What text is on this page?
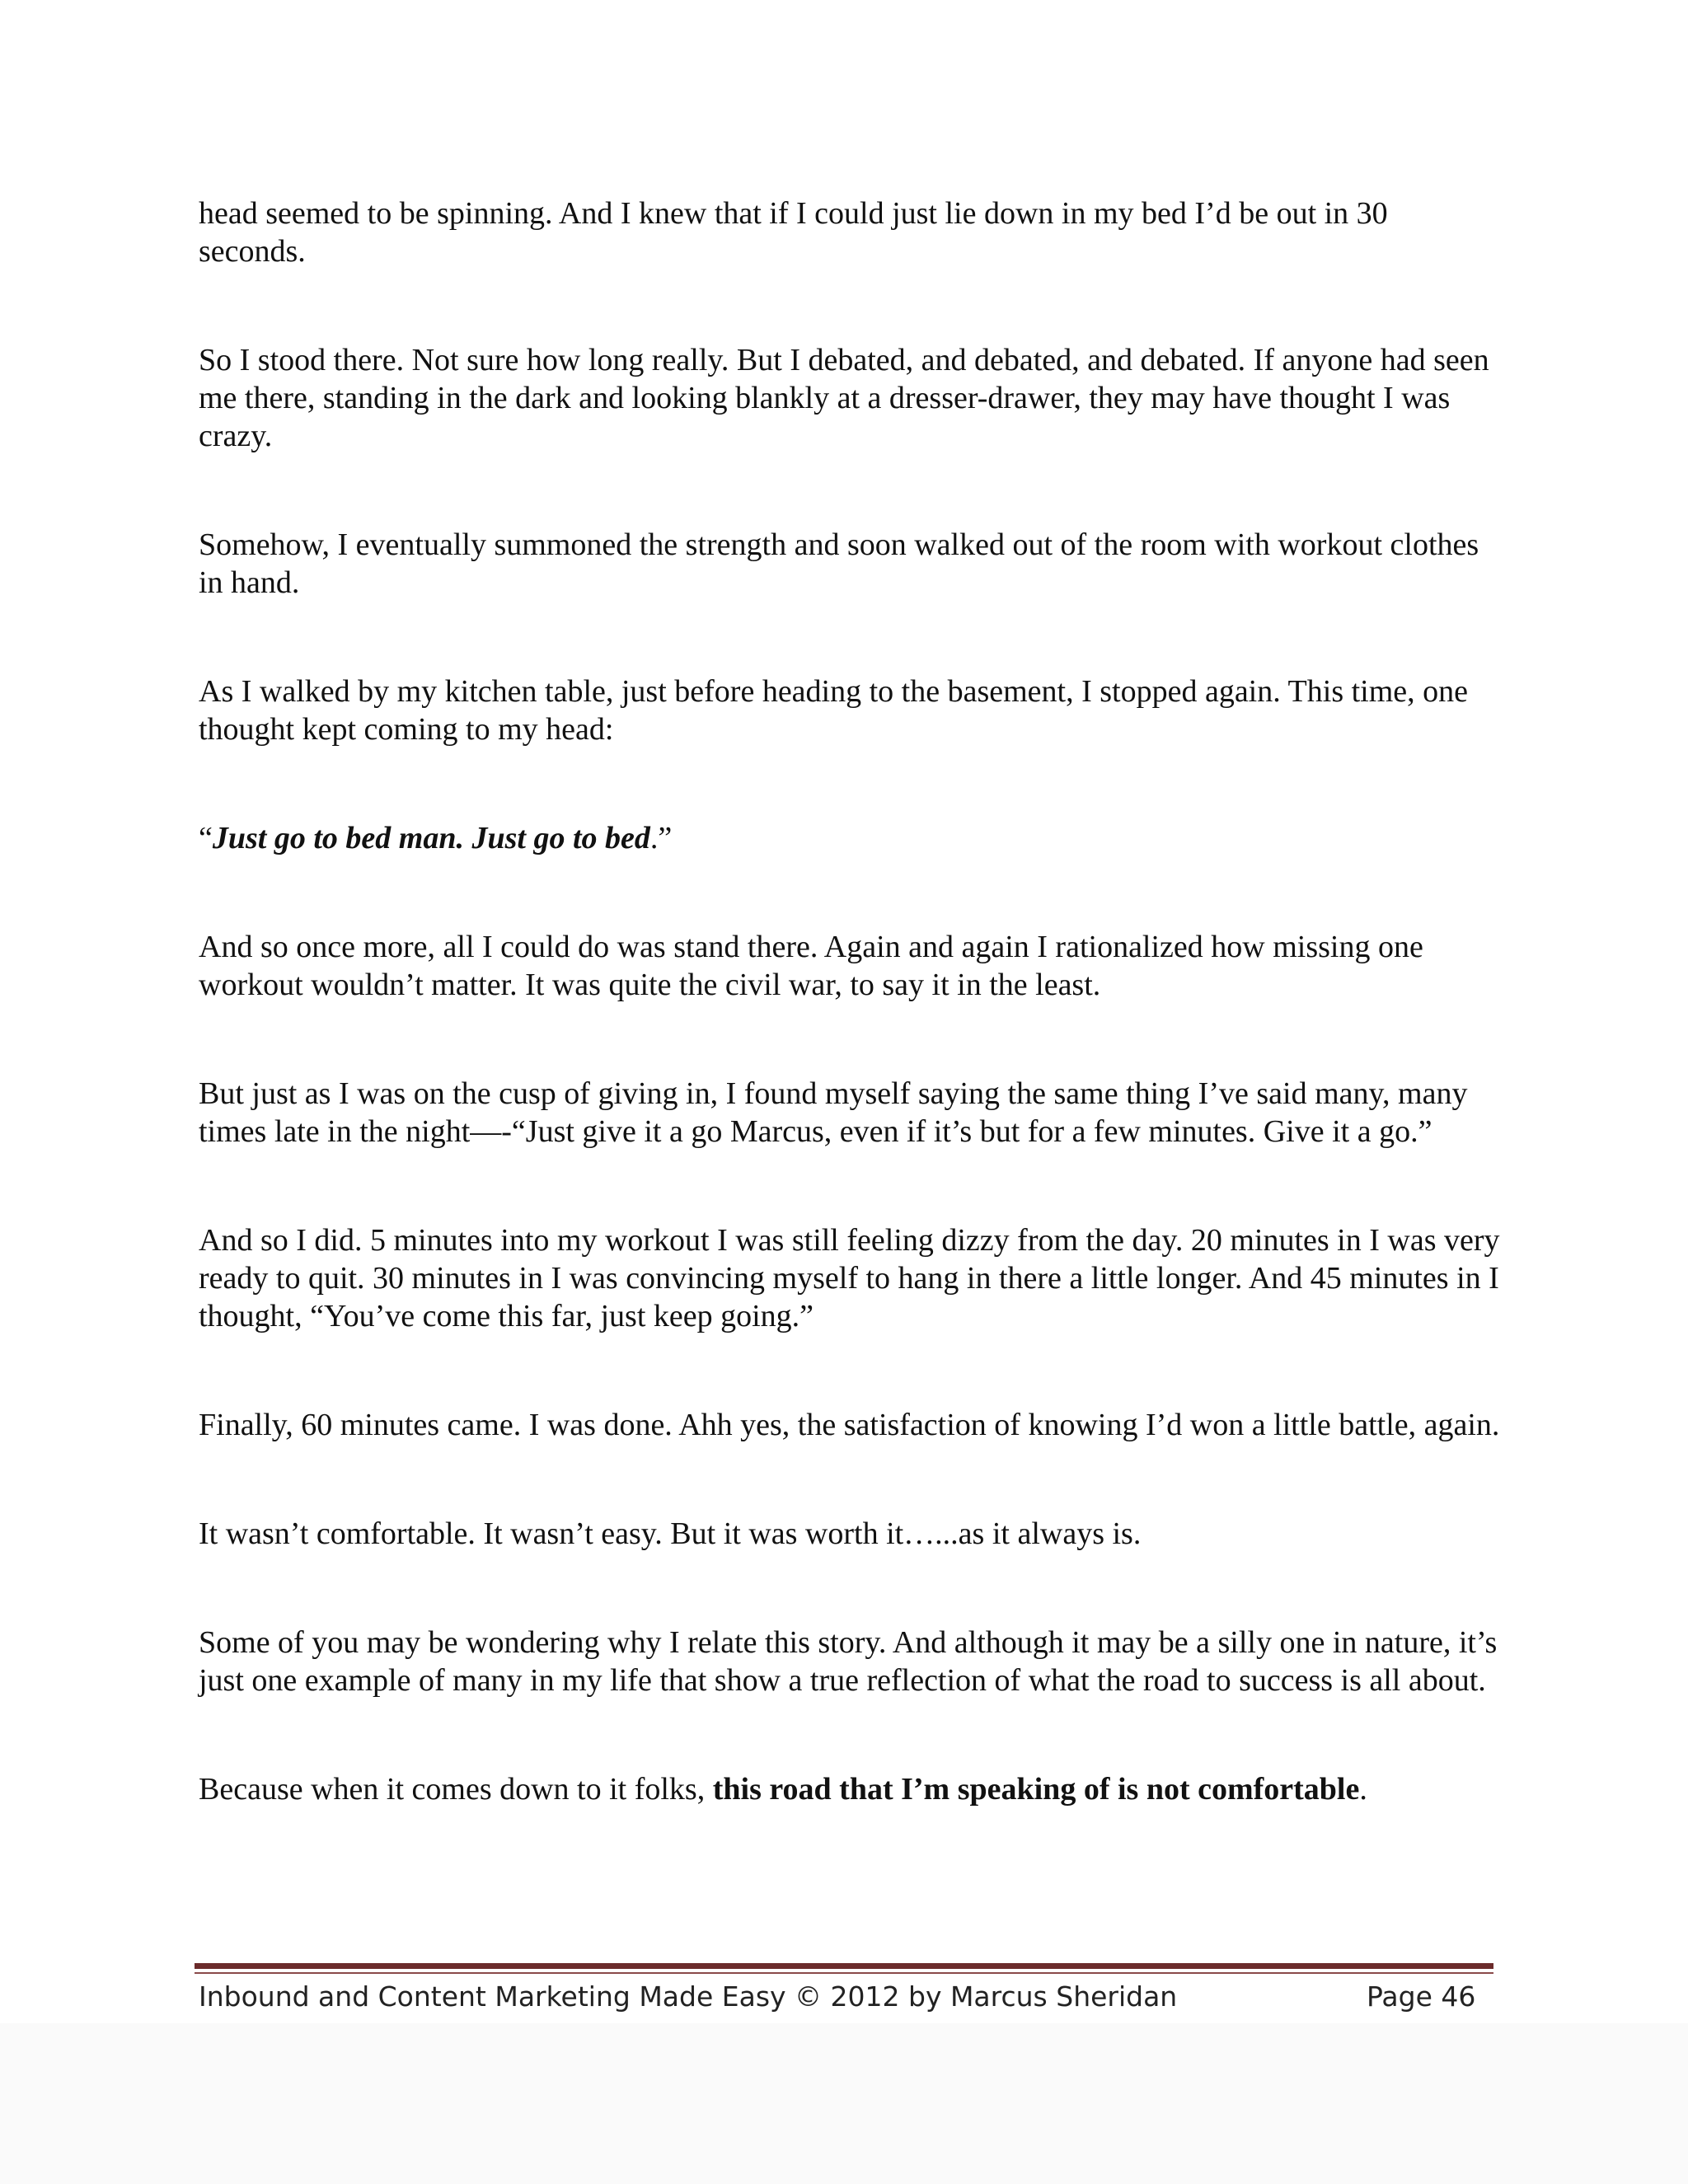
head seemed to be spinning. And I knew that if I could just lie down in my bed I’d be out in 30 seconds.

So I stood there. Not sure how long really. But I debated, and debated, and debated. If anyone had seen me there, standing in the dark and looking blankly at a dresser-drawer, they may have thought I was crazy.

Somehow, I eventually summoned the strength and soon walked out of the room with workout clothes in hand.

As I walked by my kitchen table, just before heading to the basement, I stopped again. This time, one thought kept coming to my head:

“Just go to bed man. Just go to bed.”

And so once more, all I could do was stand there. Again and again I rationalized how missing one workout wouldn’t matter. It was quite the civil war, to say it in the least.

But just as I was on the cusp of giving in, I found myself saying the same thing I’ve said many, many times late in the night—-“Just give it a go Marcus, even if it’s but for a few minutes. Give it a go.”

And so I did. 5 minutes into my workout I was still feeling dizzy from the day. 20 minutes in I was very ready to quit. 30 minutes in I was convincing myself to hang in there a little longer. And 45 minutes in I thought, “You’ve come this far, just keep going.”

Finally, 60 minutes came. I was done. Ahh yes, the satisfaction of knowing I’d won a little battle, again.

It wasn’t comfortable. It wasn’t easy. But it was worth it…...as it always is.

Some of you may be wondering why I relate this story. And although it may be a silly one in nature, it’s just one example of many in my life that show a true reflection of what the road to success is all about.

Because when it comes down to it folks, this road that I’m speaking of is not comfortable.

Inbound and Content Marketing Made Easy © 2012 by Marcus Sheridan	Page 46
